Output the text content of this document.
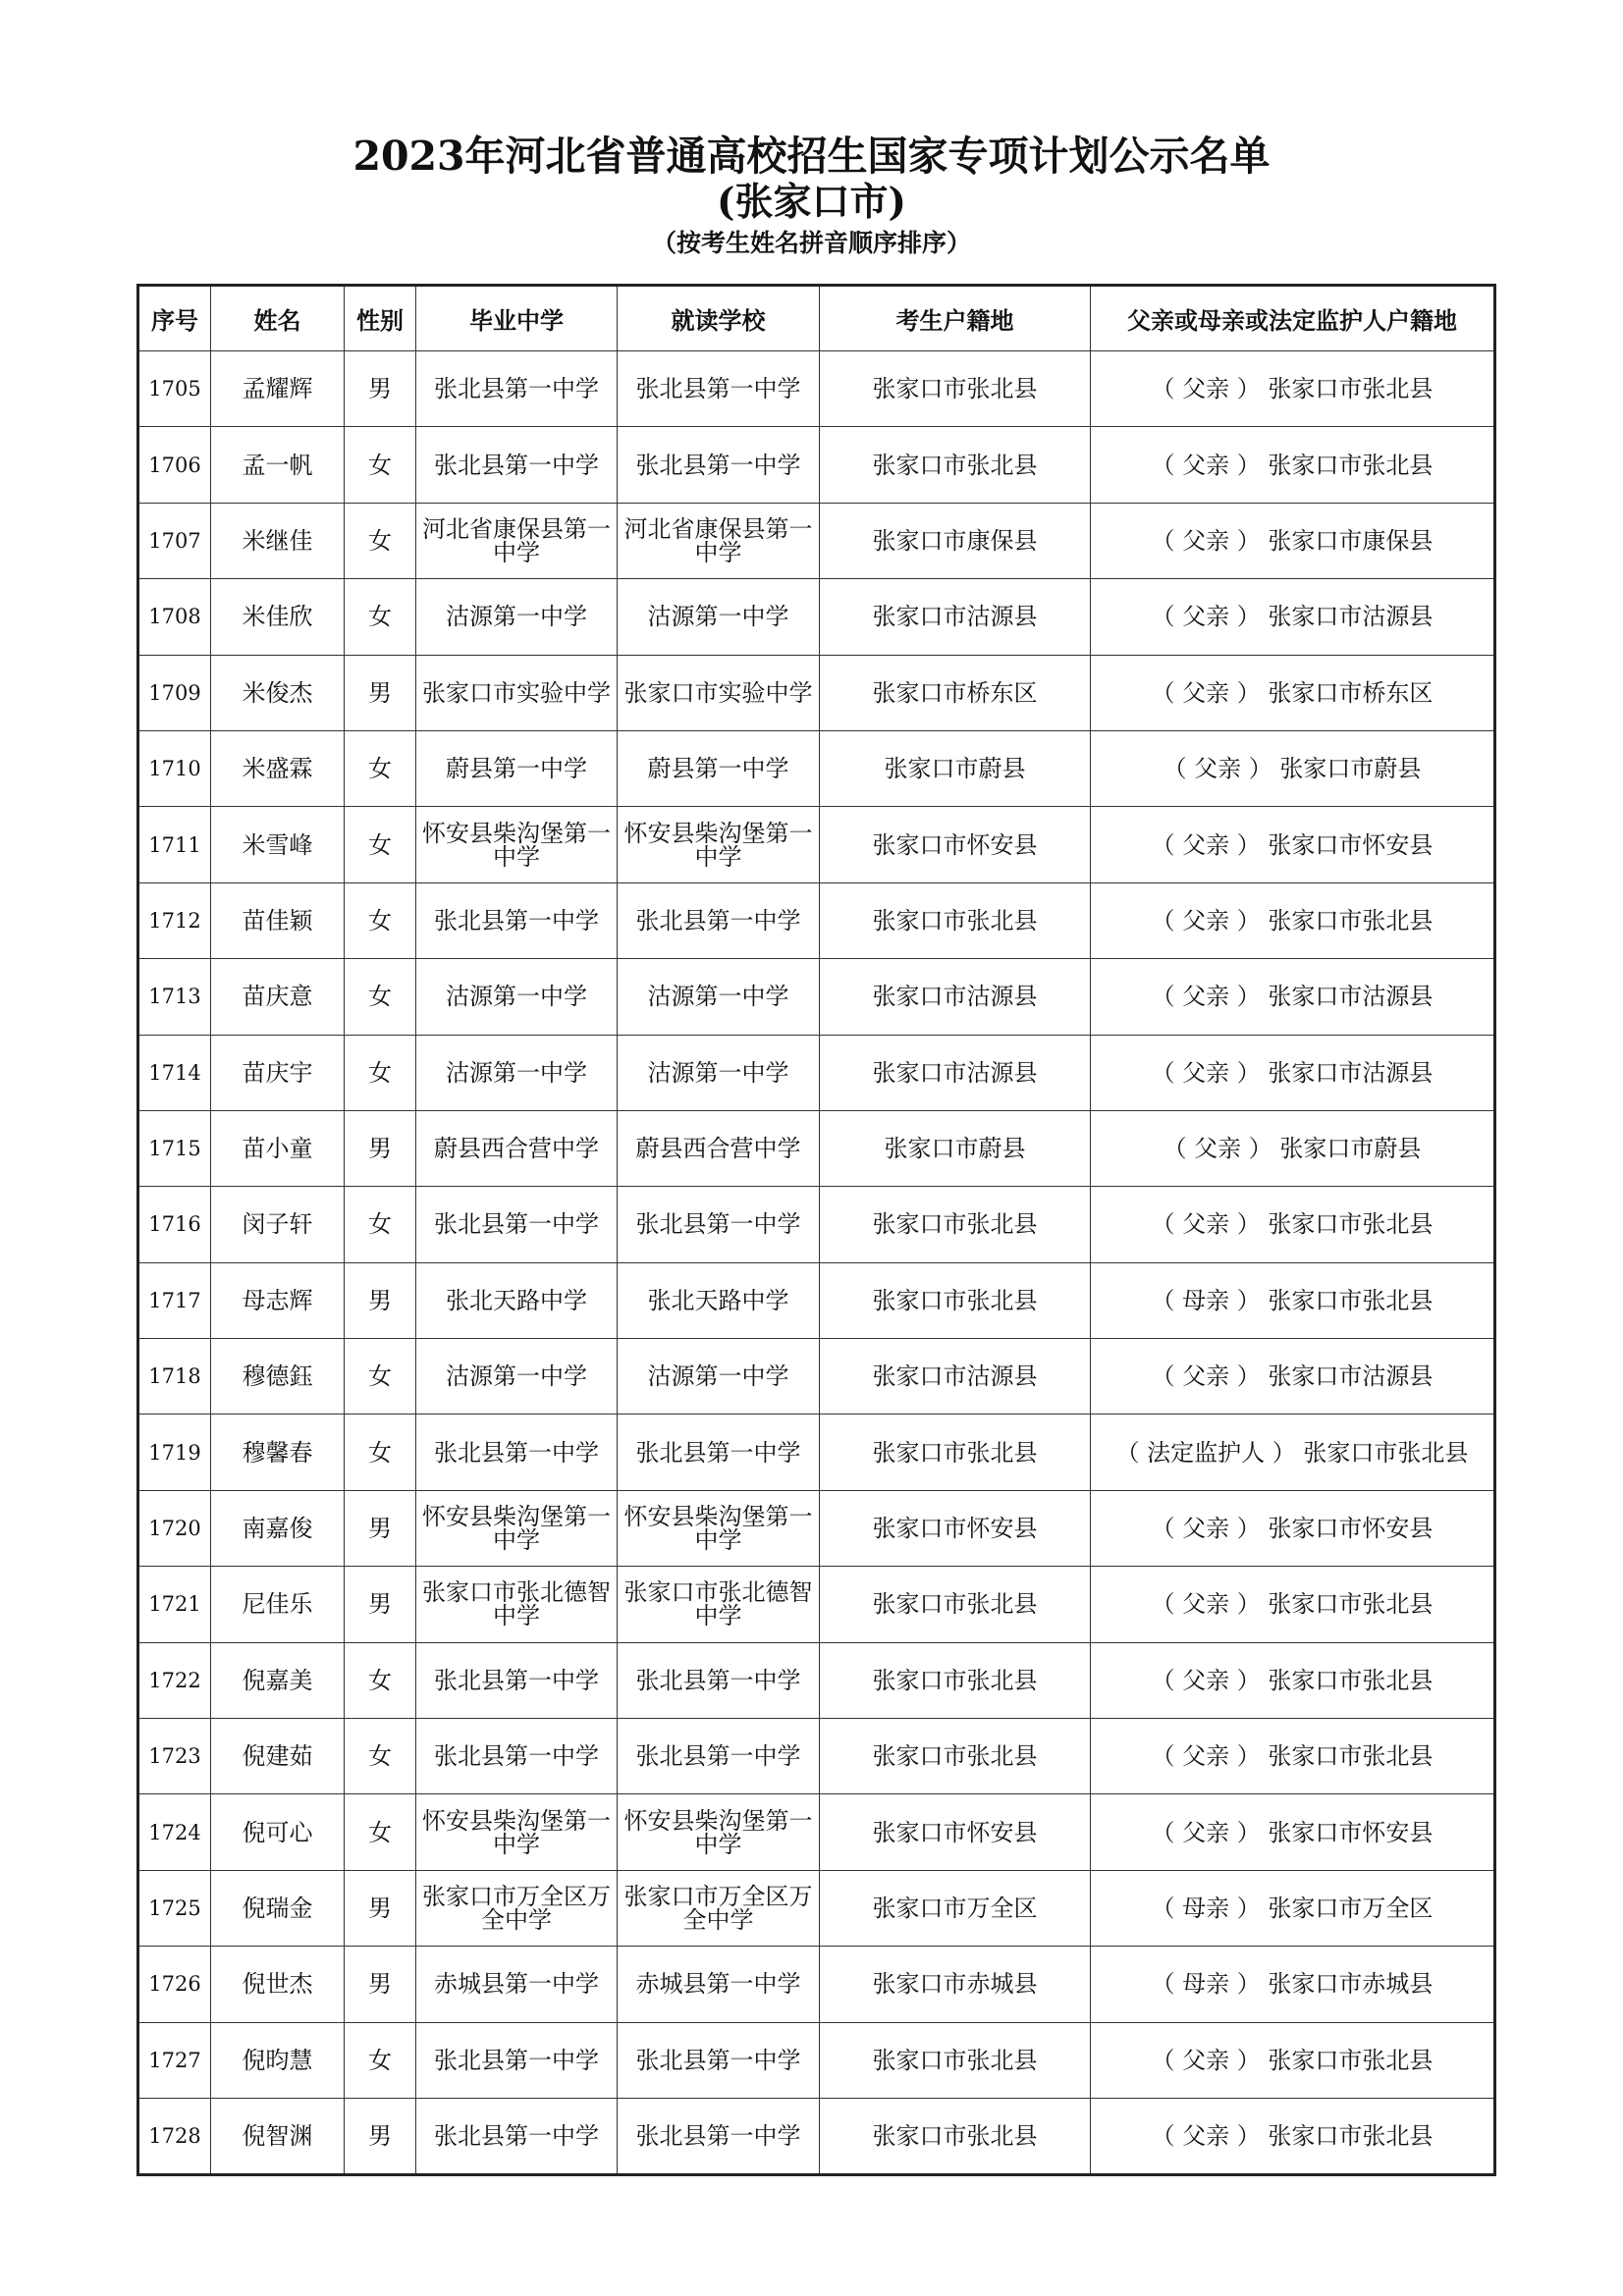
2023年河北省普通高校招生国家专项计划公示名单
(张家口市)
（按考生姓名拼音顺序排序）
序号	姓名	性别	毕业中学	就读学校	考生户籍地	父亲或母亲或法定监护人户籍地
1705	孟耀辉	男	张北县第一中学	张北县第一中学	张家口市张北县	（ 父亲 ） 张家口市张北县
1706	孟一帆	女	张北县第一中学	张北县第一中学	张家口市张北县	（ 父亲 ） 张家口市张北县
1707	米继佳	女	河北省康保县第一中学	河北省康保县第一中学	张家口市康保县	（ 父亲 ） 张家口市康保县
1708	米佳欣	女	沽源第一中学	沽源第一中学	张家口市沽源县	（ 父亲 ） 张家口市沽源县
1709	米俊杰	男	张家口市实验中学	张家口市实验中学	张家口市桥东区	（ 父亲 ） 张家口市桥东区
1710	米盛霖	女	蔚县第一中学	蔚县第一中学	张家口市蔚县	（ 父亲 ） 张家口市蔚县
1711	米雪峰	女	怀安县柴沟堡第一中学	怀安县柴沟堡第一中学	张家口市怀安县	（ 父亲 ） 张家口市怀安县
1712	苗佳颖	女	张北县第一中学	张北县第一中学	张家口市张北县	（ 父亲 ） 张家口市张北县
1713	苗庆意	女	沽源第一中学	沽源第一中学	张家口市沽源县	（ 父亲 ） 张家口市沽源县
1714	苗庆宇	女	沽源第一中学	沽源第一中学	张家口市沽源县	（ 父亲 ） 张家口市沽源县
1715	苗小童	男	蔚县西合营中学	蔚县西合营中学	张家口市蔚县	（ 父亲 ） 张家口市蔚县
1716	闵子轩	女	张北县第一中学	张北县第一中学	张家口市张北县	（ 父亲 ） 张家口市张北县
1717	母志辉	男	张北天路中学	张北天路中学	张家口市张北县	（ 母亲 ） 张家口市张北县
1718	穆德鈺	女	沽源第一中学	沽源第一中学	张家口市沽源县	（ 父亲 ） 张家口市沽源县
1719	穆馨春	女	张北县第一中学	张北县第一中学	张家口市张北县	（ 法定监护人 ） 张家口市张北县
1720	南嘉俊	男	怀安县柴沟堡第一中学	怀安县柴沟堡第一中学	张家口市怀安县	（ 父亲 ） 张家口市怀安县
1721	尼佳乐	男	张家口市张北德智中学	张家口市张北德智中学	张家口市张北县	（ 父亲 ） 张家口市张北县
1722	倪嘉美	女	张北县第一中学	张北县第一中学	张家口市张北县	（ 父亲 ） 张家口市张北县
1723	倪建茹	女	张北县第一中学	张北县第一中学	张家口市张北县	（ 父亲 ） 张家口市张北县
1724	倪可心	女	怀安县柴沟堡第一中学	怀安县柴沟堡第一中学	张家口市怀安县	（ 父亲 ） 张家口市怀安县
1725	倪瑞金	男	张家口市万全区万全中学	张家口市万全区万全中学	张家口市万全区	（ 母亲 ） 张家口市万全区
1726	倪世杰	男	赤城县第一中学	赤城县第一中学	张家口市赤城县	（ 母亲 ） 张家口市赤城县
1727	倪昀慧	女	张北县第一中学	张北县第一中学	张家口市张北县	（ 父亲 ） 张家口市张北县
1728	倪智渊	男	张北县第一中学	张北县第一中学	张家口市张北县	（ 父亲 ） 张家口市张北县
